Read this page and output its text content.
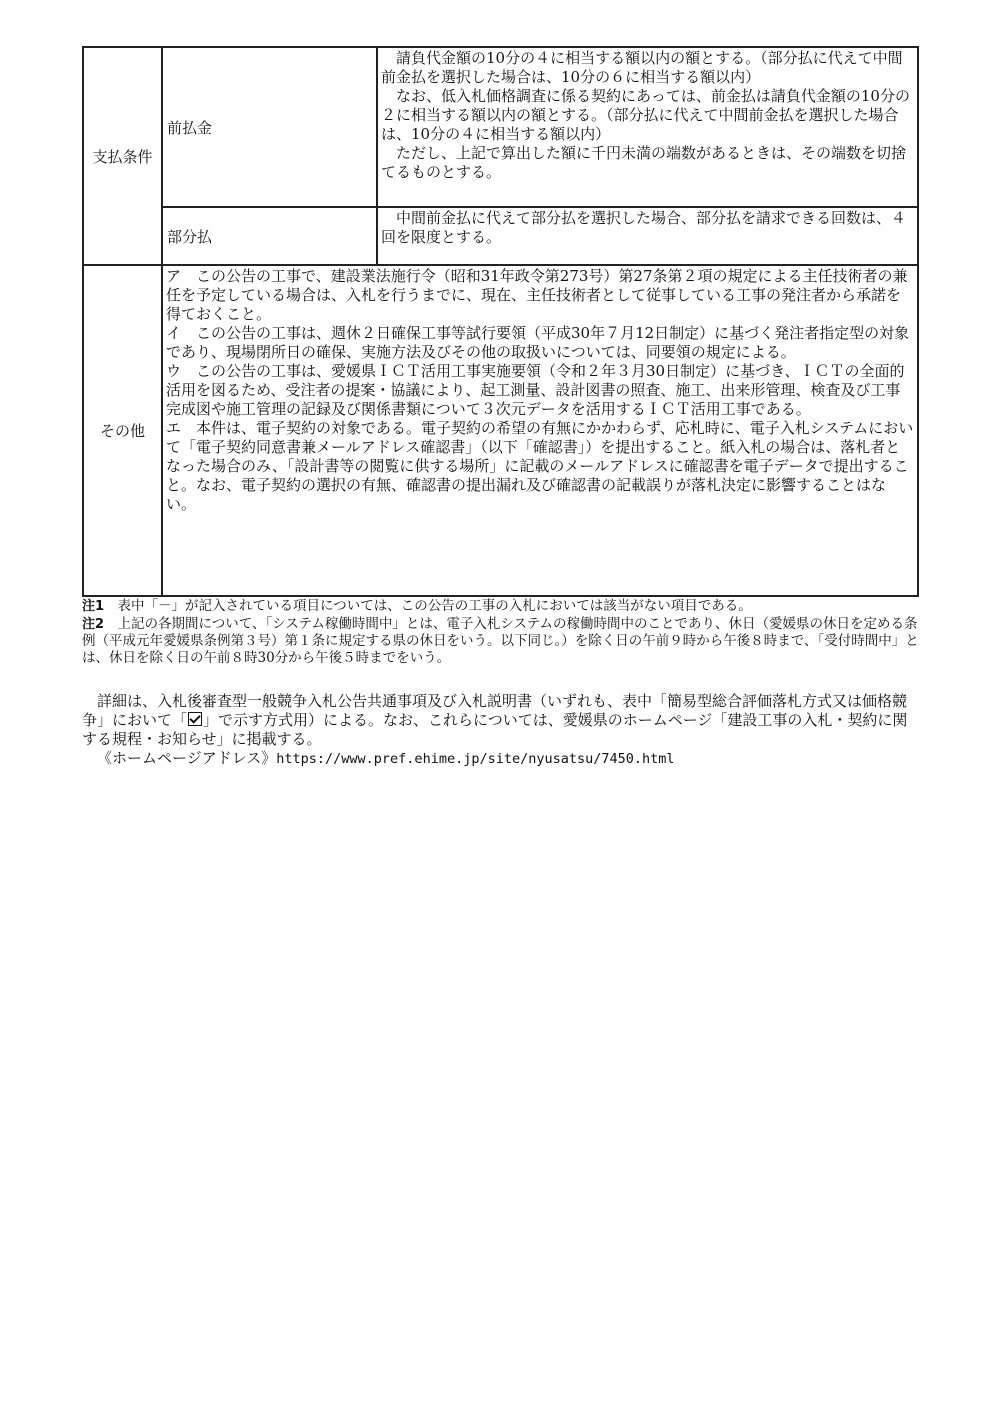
支払条件	前払金	請負代金額の10分の４に相当する額以内の額とする。（部分払に代えて中間前金払を選択した場合は、10分の６に相当する額以内）

なお、低入札価格調査に係る契約にあっては、前金払は請負代金額の10分の２に相当する額以内の額とする。（部分払に代えて中間前金払を選択した場合は、10分の４に相当する額以内）

ただし、上記で算出した額に千円未満の端数があるときは、その端数を切捨てるものとする。

	部分払	中間前金払に代えて部分払を選択した場合、部分払を請求できる回数は、４回を限度とする。

その他	ア　この公告の工事で、建設業法施行令（昭和31年政令第273号）第27条第２項の規定による主任技術者の兼任を予定している場合は、入札を行うまでに、現在、主任技術者として従事している工事の発注者から承諾を得ておくこと。

イ　この公告の工事は、週休２日確保工事等試行要領（平成30年７月12日制定）に基づく発注者指定型の対象であり、現場閉所日の確保、実施方法及びその他の取扱いについては、同要領の規定による。

ウ　この公告の工事は、愛媛県ＩＣＴ活用工事実施要領（令和２年３月30日制定）に基づき、ＩＣＴの全面的活用を図るため、受注者の提案・協議により、起工測量、設計図書の照査、施工、出来形管理、検査及び工事完成図や施工管理の記録及び関係書類について３次元データを活用するＩＣＴ活用工事である。

エ　本件は、電子契約の対象である。電子契約の希望の有無にかかわらず、応札時に、電子入札システムにおいて「電子契約同意書兼メールアドレス確認書」（以下「確認書」）を提出すること。紙入札の場合は、落札者となった場合のみ、「設計書等の閲覧に供する場所」に記載のメールアドレスに確認書を電子データで提出すること。なお、電子契約の選択の有無、確認書の提出漏れ及び確認書の記載誤りが落札決定に影響することはない。	

注1　 表中「－」が記入されている項目については、この公告の工事の入札においては該当がない項目である。

注2　 上記の各期間について、「システム稼働時間中」とは、電子入札システムの稼働時間中のことであり、休日（愛媛県の休日を定める条例（平成元年愛媛県条例第３号）第１条に規定する県の休日をいう。以下同じ。）を除く日の午前９時から午後８時まで、「受付時間中」とは、休日を除く日の午前８時30分から午後５時までをいう。

詳細は、入札後審査型一般競争入札公告共通事項及び入札説明書（いずれも、表中「簡易型総合評価落札方式又は価格競争」において「 」で示す方式用）による。なお、これらについては、愛媛県のホームページ「建設工事の入札・契約に関する規程・お知らせ」に掲載する。

《ホームページアドレス》https://www.pref.ehime.jp/site/nyusatsu/7450.html
